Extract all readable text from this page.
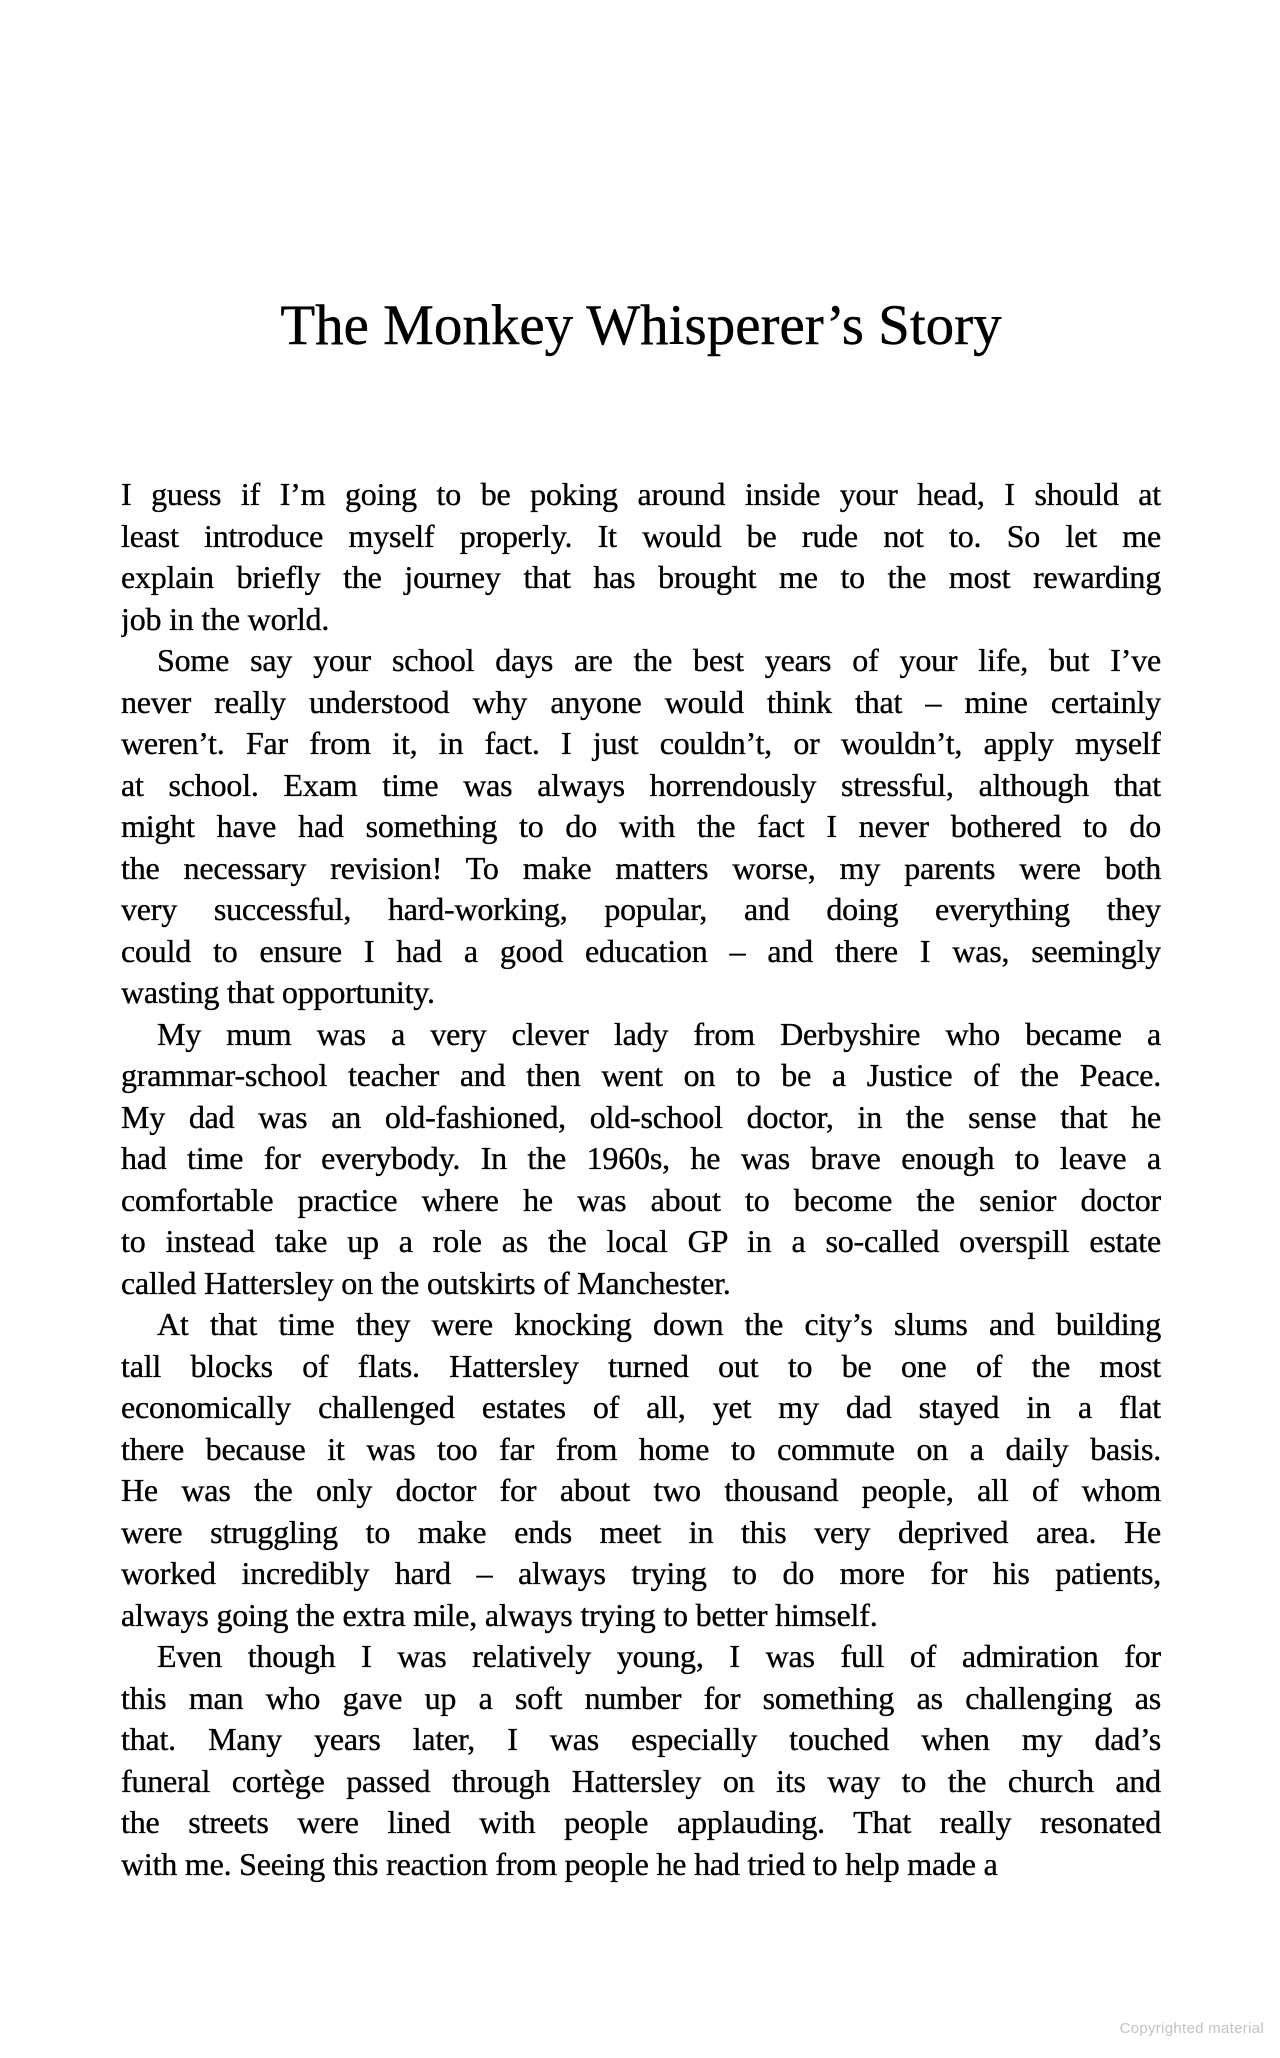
The Monkey Whisperer’s Story
I guess if I’m going to be poking around inside your head, I should at
least introduce myself properly. It would be rude not to. So let me
explain briefly the journey that has brought me to the most rewarding
job in the world.
Some say your school days are the best years of your life, but I’ve
never really understood why anyone would think that – mine certainly
weren’t. Far from it, in fact. I just couldn’t, or wouldn’t, apply myself
at school. Exam time was always horrendously stressful, although that
might have had something to do with the fact I never bothered to do
the necessary revision! To make matters worse, my parents were both
very successful, hard-working, popular, and doing everything they
could to ensure I had a good education – and there I was, seemingly
wasting that opportunity.
My mum was a very clever lady from Derbyshire who became a
grammar-school teacher and then went on to be a Justice of the Peace.
My dad was an old-fashioned, old-school doctor, in the sense that he
had time for everybody. In the 1960s, he was brave enough to leave a
comfortable practice where he was about to become the senior doctor
to instead take up a role as the local GP in a so-called overspill estate
called Hattersley on the outskirts of Manchester.
At that time they were knocking down the city’s slums and building
tall blocks of flats. Hattersley turned out to be one of the most
economically challenged estates of all, yet my dad stayed in a flat
there because it was too far from home to commute on a daily basis.
He was the only doctor for about two thousand people, all of whom
were struggling to make ends meet in this very deprived area. He
worked incredibly hard – always trying to do more for his patients,
always going the extra mile, always trying to better himself.
Even though I was relatively young, I was full of admiration for
this man who gave up a soft number for something as challenging as
that. Many years later, I was especially touched when my dad’s
funeral cortège passed through Hattersley on its way to the church and
the streets were lined with people applauding. That really resonated
with me. Seeing this reaction from people he had tried to help made a
Copyrighted material
